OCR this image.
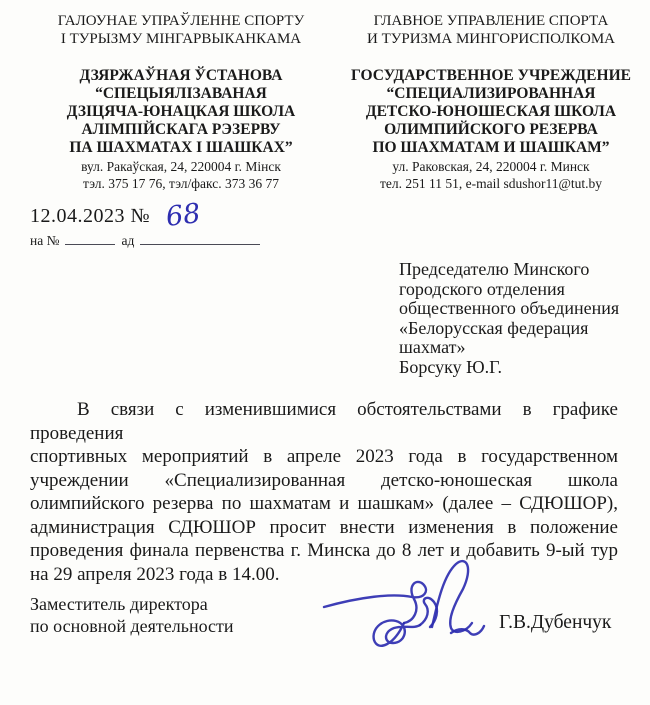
ГАЛОУНАЕ УПРАЎЛЕННЕ СПОРТУ
І ТУРЫЗМУ МІНГАРВЫКАНКАМА
ДЗЯРЖАЎНАЯ ЎСТАНОВА
“СПЕЦЫЯЛІЗАВАНАЯ
ДЗІЦЯЧА-ЮНАЦКАЯ ШКОЛА
АЛІМПІЙСКАГА РЭЗЕРВУ
ПА ШАХМАТАХ І ШАШКАХ”
вул. Ракаўская, 24, 220004 г. Мінск
тэл. 375 17 76, тэл/факс. 373 36 77
ГЛАВНОЕ УПРАВЛЕНИЕ СПОРТА
И ТУРИЗМА МИНГОРИСПОЛКОМА
ГОСУДАРСТВЕННОЕ УЧРЕЖДЕНИЕ
“СПЕЦИАЛИЗИРОВАННАЯ
ДЕТСКО-ЮНОШЕСКАЯ ШКОЛА
ОЛИМПИЙСКОГО РЕЗЕРВА
ПО ШАХМАТАМ И ШАШКАМ”
ул. Раковская, 24, 220004 г. Минск
тел. 251 11 51, e-mail sdushor11@tut.by
12.04.2023 № 68
на №	ад
Председателю Минского
городского отделения
общественного объединения
«Белорусская федерация
шахмат»
Борсуку Ю.Г.
В связи с изменившимися обстоятельствами в графике проведения
спортивных мероприятий в апреле 2023 года в государственном
учреждении «Специализированная детско-юношеская школа
олимпийского резерва по шахматам и шашкам» (далее – СДЮШОР),
администрация СДЮШОР просит внести изменения в положение
проведения финала первенства г. Минска до 8 лет и добавить 9-ый тур
на 29 апреля 2023 года в 14.00.
Заместитель директора
по основной деятельности	Г.В.Дубенчук
